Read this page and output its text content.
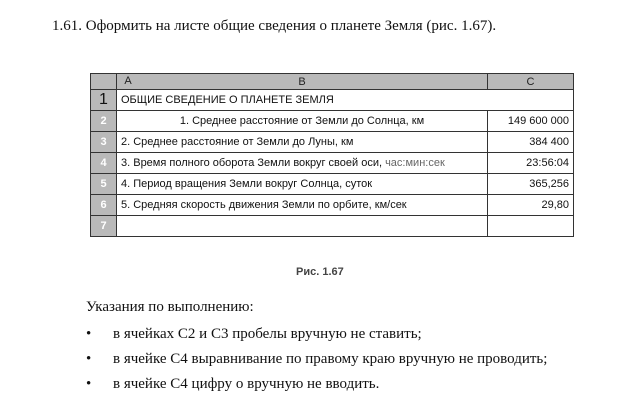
1.61. Оформить на листе общие сведения о планете Земля (рис. 1.67).

	A B	C
1	ОБЩИЕ СВЕДЕНИЕ О ПЛАНЕТЕ ЗЕМЛЯ	
2	1. Среднее расстояние от Земли до Солнца, км	149 600 000
3	2. Среднее расстояние от Земли до Луны, км	384 400
4	3. Время полного оборота Земли вокруг своей оси, час:мин:сек	23:56:04
5	4. Период вращения Земли вокруг Солнца, суток	365,256
6	5. Средняя скорость движения Земли по орбите, км/сек	29,80
7		
Рис. 1.67
Указания по выполнению:
• в ячейках С2 и С3 пробелы вручную не ставить;
• в ячейке С4 выравнивание по правому краю вручную не проводить;
• в ячейке С4 цифру о вручную не вводить.
